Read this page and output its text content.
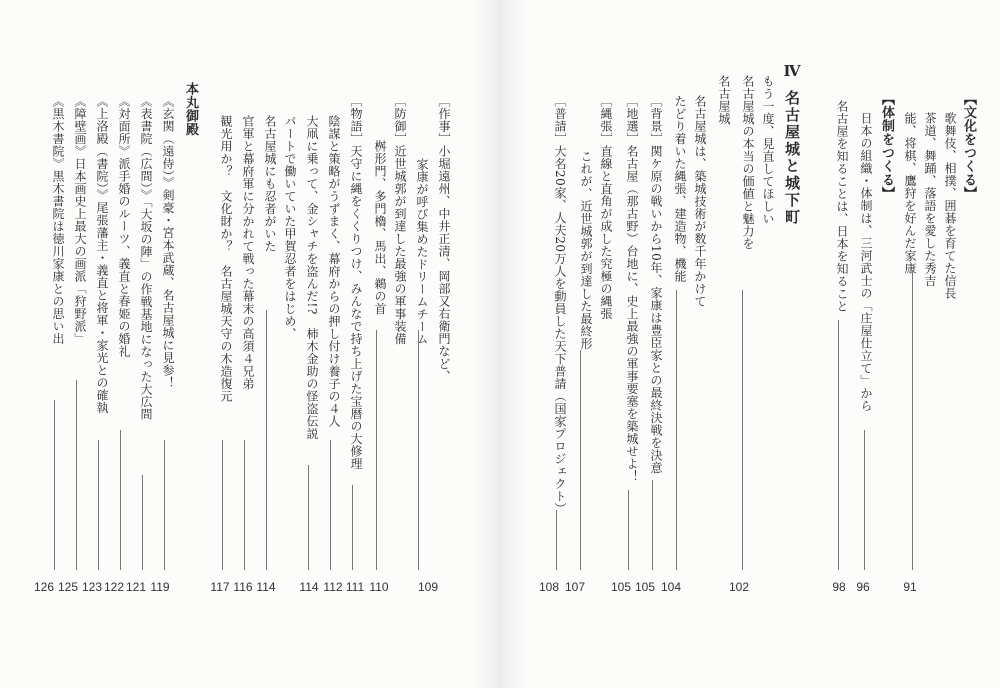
【文化をつくる】
歌舞伎、相撲、囲碁を育てた信長
茶道、舞踊、落語を愛した秀吉
能、将棋、鷹狩を好んだ家康
91
【体制をつくる】
日本の組織・体制は、三河武士の「庄屋仕立て」から
名古屋を知ることは、日本を知ること
96
98
Ⅳ
名古屋城と城下町
もう一度、見直してほしい
名古屋城の本当の価値と魅力を
102
名古屋城
名古屋城は、築城技術が数千年かけて
たどり着いた縄張、建造物、機能
104
［背景］関ケ原の戦いから10年、家康は豊臣家との最終決戦を決意
105
［地選］名古屋（那古野）台地に、史上最強の軍事要塞を築城せよ！
105
［縄張］直線と直角が成した究極の縄張
これが、近世城郭が到達した最終形
107
［普請］大名20家、人夫20万人を動員した天下普請（国家プロジェクト）
108
［作事］小堀遠州、中井正清、岡部又右衛門など、
家康が呼び集めたドリームチーム
109
［防御］近世城郭が到達した最強の軍事装備
桝形門、多門櫓、馬出、鵜の首
110
［物語］天守に縄をくくりつけ、みんなで持ち上げた宝暦の大修理
陰謀と策略がうずまく、幕府からの押し付け養子の４人
大凧に乗って、金シャチを盗んだ!?　柿木金助の怪盗伝説
パートで働いていた甲賀忍者をはじめ、
名古屋城にも忍者がいた
官軍と幕府軍に分かれて戦った幕末の高須４兄弟
観光用か？　文化財か？　名古屋城天守の木造復元
111
112
114
114
116
117
本丸御殿
《玄関（遠侍）》剣豪・宮本武蔵、名古屋城に見参！
《表書院（広間）》「大坂の陣」の作戦基地になった大広間
《対面所》派手婚のルーツ、義直と春姫の婚礼
《上洛殿（書院）》尾張藩主・義直と将軍・家光との確執
《障壁画》日本画史上最大の画派「狩野派」
《黒木書院》黒木書院は徳川家康との思い出
119
121
122
123
125
126
